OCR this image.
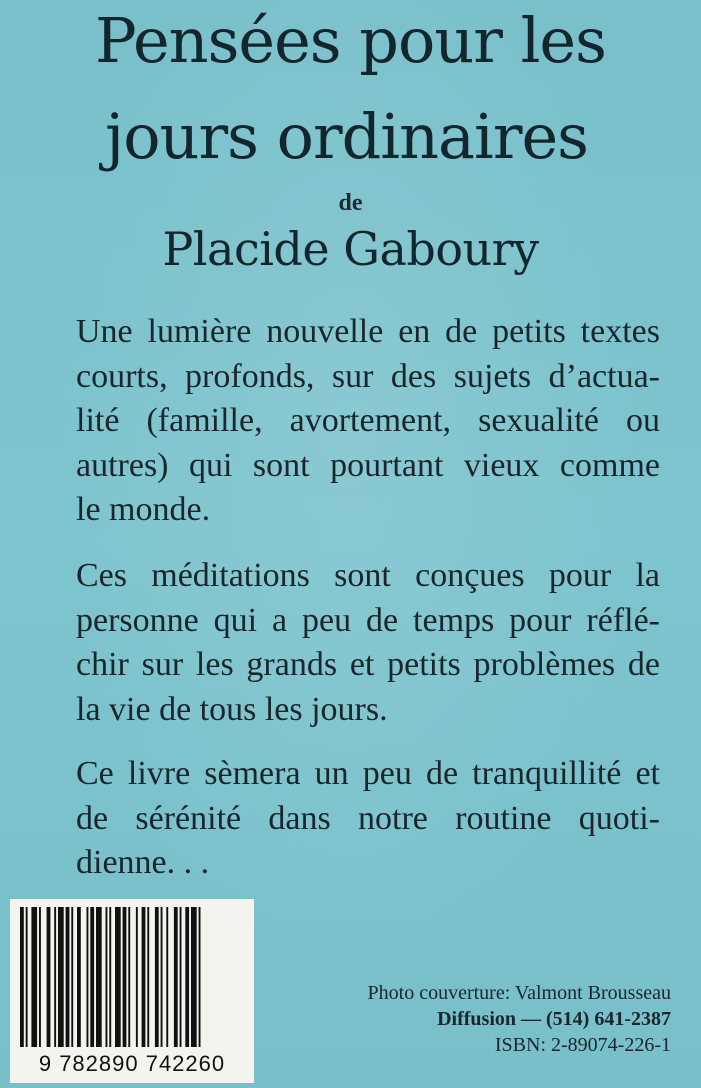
Pensées pour les
jours ordinaires
de
Placide Gaboury
Une lumière nouvelle en de petits textes
courts, profonds, sur des sujets d’actua-
lité (famille, avortement, sexualité ou
autres) qui sont pourtant vieux comme
le monde.
Ces méditations sont conçues pour la
personne qui a peu de temps pour réflé-
chir sur les grands et petits problèmes de
la vie de tous les jours.
Ce livre sèmera un peu de tranquillité et
de sérénité dans notre routine quoti-
dienne. . .
9 782890 742260
Photo couverture: Valmont Brousseau
Diffusion — (514) 641-2387
ISBN: 2-89074-226-1
